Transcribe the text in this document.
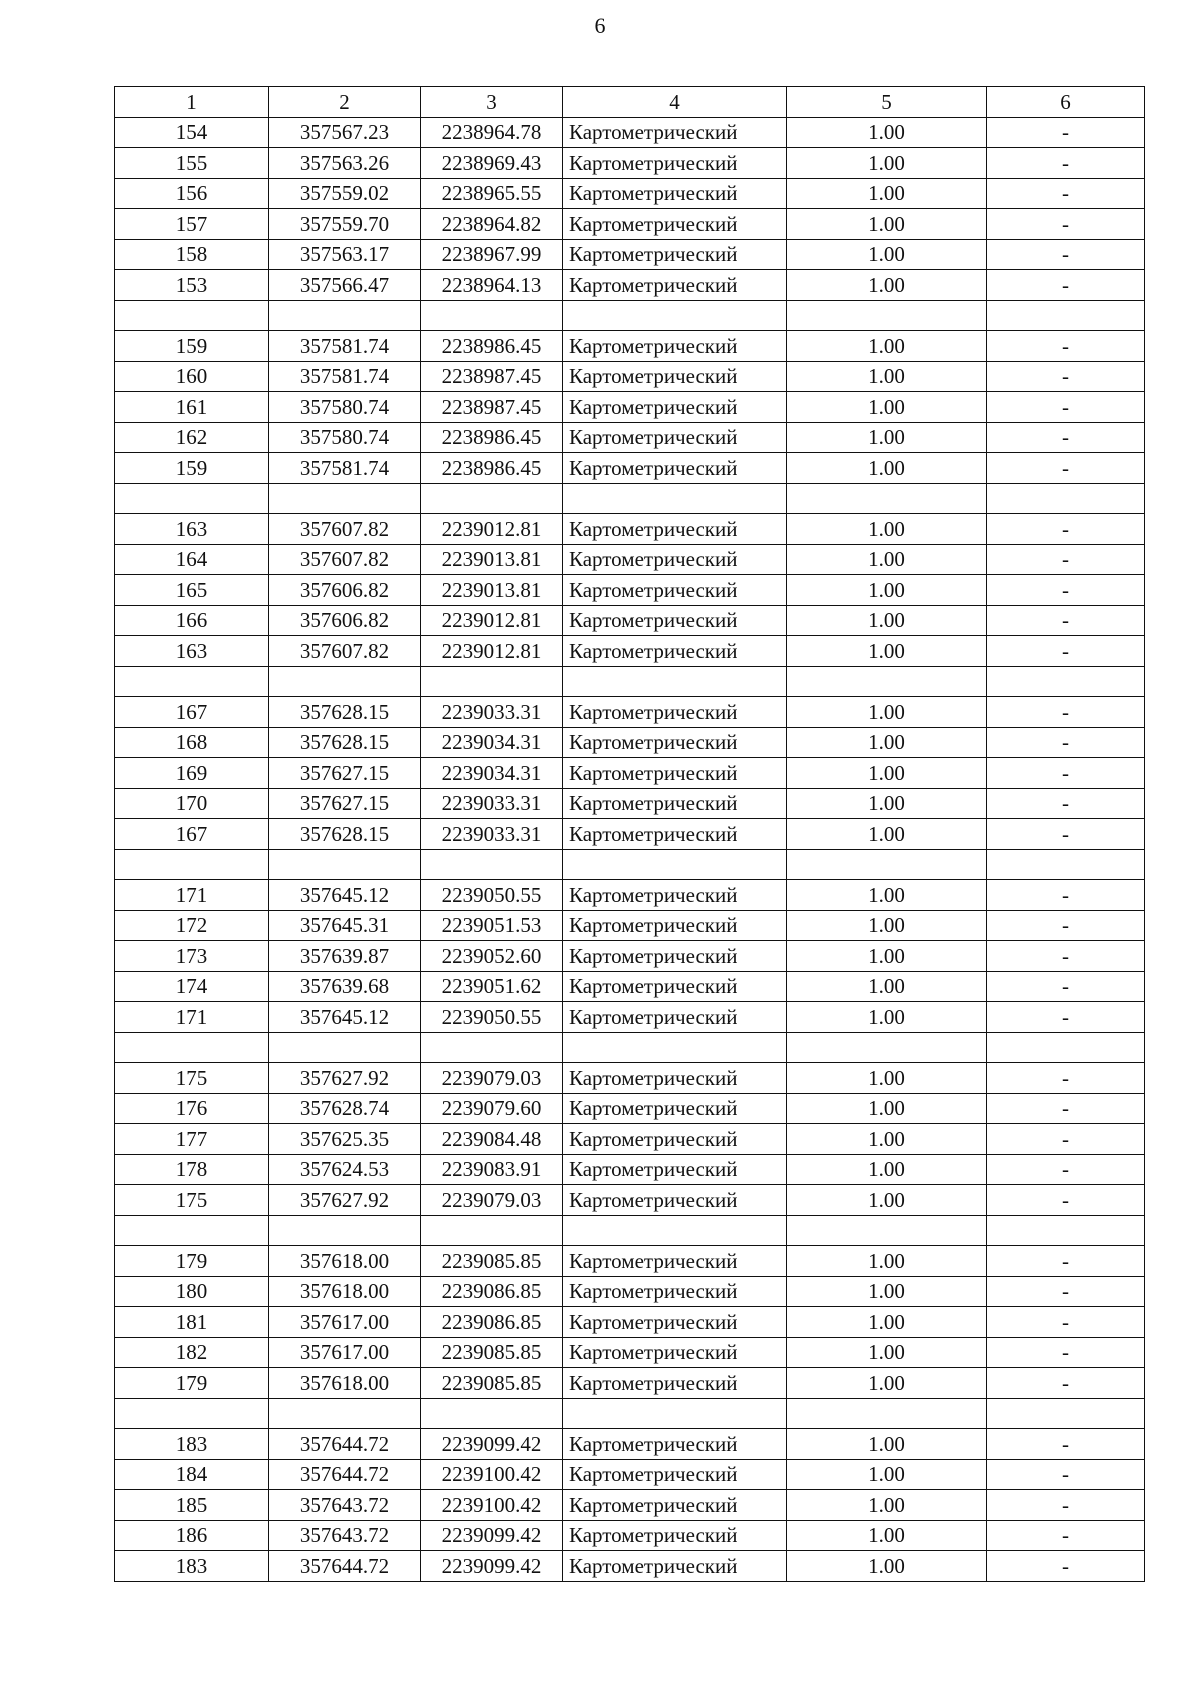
6
1	2	3	4	5	6
154	357567.23	2238964.78	Картометрический	1.00	-
155	357563.26	2238969.43	Картометрический	1.00	-
156	357559.02	2238965.55	Картометрический	1.00	-
157	357559.70	2238964.82	Картометрический	1.00	-
158	357563.17	2238967.99	Картометрический	1.00	-
153	357566.47	2238964.13	Картометрический	1.00	-

159	357581.74	2238986.45	Картометрический	1.00	-
160	357581.74	2238987.45	Картометрический	1.00	-
161	357580.74	2238987.45	Картометрический	1.00	-
162	357580.74	2238986.45	Картометрический	1.00	-
159	357581.74	2238986.45	Картометрический	1.00	-

163	357607.82	2239012.81	Картометрический	1.00	-
164	357607.82	2239013.81	Картометрический	1.00	-
165	357606.82	2239013.81	Картометрический	1.00	-
166	357606.82	2239012.81	Картометрический	1.00	-
163	357607.82	2239012.81	Картометрический	1.00	-

167	357628.15	2239033.31	Картометрический	1.00	-
168	357628.15	2239034.31	Картометрический	1.00	-
169	357627.15	2239034.31	Картометрический	1.00	-
170	357627.15	2239033.31	Картометрический	1.00	-
167	357628.15	2239033.31	Картометрический	1.00	-

171	357645.12	2239050.55	Картометрический	1.00	-
172	357645.31	2239051.53	Картометрический	1.00	-
173	357639.87	2239052.60	Картометрический	1.00	-
174	357639.68	2239051.62	Картометрический	1.00	-
171	357645.12	2239050.55	Картометрический	1.00	-

175	357627.92	2239079.03	Картометрический	1.00	-
176	357628.74	2239079.60	Картометрический	1.00	-
177	357625.35	2239084.48	Картометрический	1.00	-
178	357624.53	2239083.91	Картометрический	1.00	-
175	357627.92	2239079.03	Картометрический	1.00	-

179	357618.00	2239085.85	Картометрический	1.00	-
180	357618.00	2239086.85	Картометрический	1.00	-
181	357617.00	2239086.85	Картометрический	1.00	-
182	357617.00	2239085.85	Картометрический	1.00	-
179	357618.00	2239085.85	Картометрический	1.00	-

183	357644.72	2239099.42	Картометрический	1.00	-
184	357644.72	2239100.42	Картометрический	1.00	-
185	357643.72	2239100.42	Картометрический	1.00	-
186	357643.72	2239099.42	Картометрический	1.00	-
183	357644.72	2239099.42	Картометрический	1.00	-
